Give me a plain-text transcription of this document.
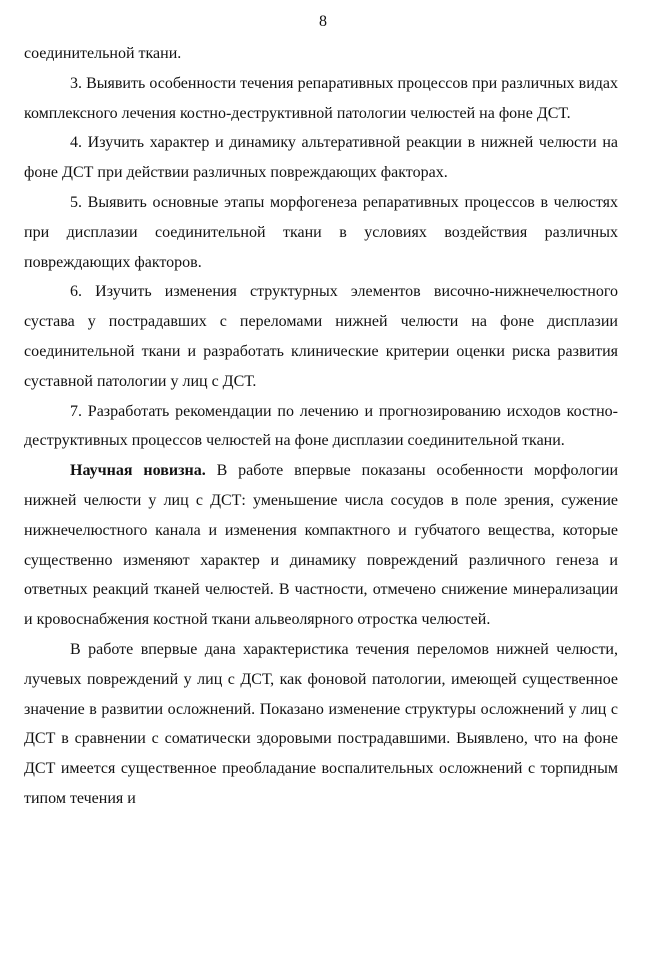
8

соединительной ткани.

3. Выявить особенности течения репаративных процессов при различных видах комплексного лечения костно-деструктивной патологии челюстей на фоне ДСТ.

4. Изучить характер и динамику альтеративной реакции в нижней челюсти на фоне ДСТ при действии различных повреждающих факторах.

5. Выявить основные этапы морфогенеза репаративных процессов в челюстях при дисплазии соединительной ткани в условиях воздействия различных повреждающих факторов.

6. Изучить изменения структурных элементов височно-нижнечелюстного сустава у пострадавших с переломами нижней челюсти на фоне дисплазии соединительной ткани и разработать клинические критерии оценки риска развития суставной патологии у лиц с ДСТ.

7. Разработать рекомендации по лечению и прогнозированию исходов костно-деструктивных процессов челюстей на фоне дисплазии соединительной ткани.

Научная новизна. В работе впервые показаны особенности морфологии нижней челюсти у лиц с ДСТ: уменьшение числа сосудов в поле зрения, сужение нижнечелюстного канала и изменения компактного и губчатого вещества, которые существенно изменяют характер и динамику повреждений различного генеза и ответных реакций тканей челюстей. В частности, отмечено снижение минерализации и кровоснабжения костной ткани альвеолярного отростка челюстей.

В работе впервые дана характеристика течения переломов нижней челюсти, лучевых повреждений у лиц с ДСТ, как фоновой патологии, имеющей существенное значение в развитии осложнений. Показано изменение структуры осложнений у лиц с ДСТ в сравнении с соматически здоровыми пострадавшими. Выявлено, что на фоне ДСТ имеется существенное преобладание воспалительных осложнений с торпидным типом течения и
